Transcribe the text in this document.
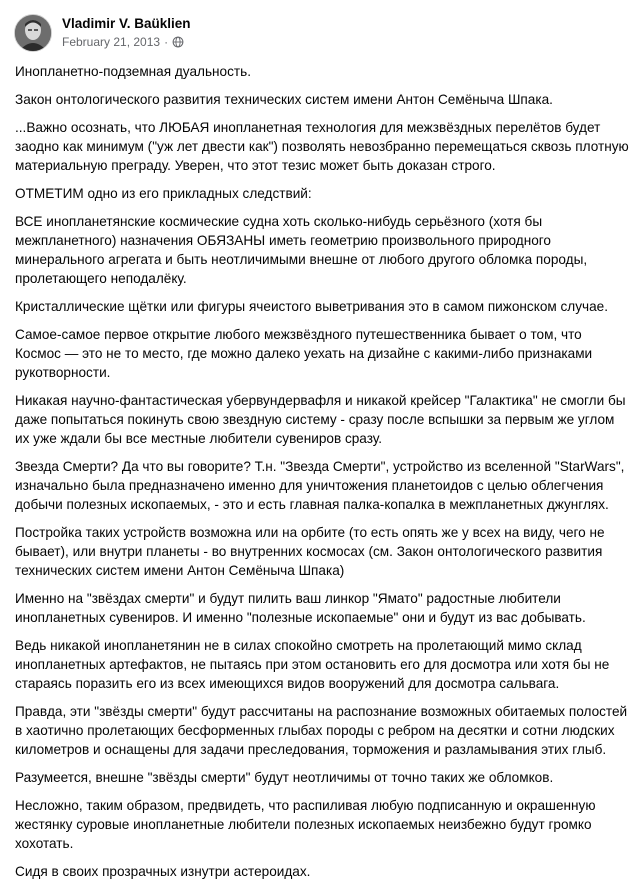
Vladimir V. Baüklien
February 21, 2013 ·

Инопланетно-подземная дуальность.

Закон онтологического развития технических систем имени Антон Семёныча Шпака.

...Важно осознать, что ЛЮБАЯ инопланетная технология для межзвёздных перелётов будет заодно как минимум ("уж лет двести как") позволять невозбранно перемещаться сквозь плотную материальную преграду. Уверен, что этот тезис может быть доказан строго.

ОТМЕТИМ одно из его прикладных следствий:

ВСЕ инопланетянские космические судна хоть сколько-нибудь серьёзного (хотя бы межпланетного) назначения ОБЯЗАНЫ иметь геометрию произвольного природного минерального агрегата и быть неотличимыми внешне от любого другого обломка породы, пролетающего неподалёку.

Кристаллические щётки или фигуры ячеистого выветривания это в самом пижонском случае.

Самое-самое первое открытие любого межзвёздного путешественника бывает о том, что Космос — это не то место, где можно далеко уехать на дизайне с какими-либо признаками рукотворности.

Никакая научно-фантастическая убервундервафля и никакой крейсер "Галактика" не смогли бы даже попытаться покинуть свою звездную систему - сразу после вспышки за первым же углом их уже ждали бы все местные любители сувениров сразу.

Звезда Смерти? Да что вы говорите? Т.н. "Звезда Смерти", устройство из вселенной "StarWars", изначально была предназначено именно для уничтожения планетоидов с целью облегчения добычи полезных ископаемых, - это и есть главная палка-копалка в межпланетных джунглях.

Постройка таких устройств возможна или на орбите (то есть опять же у всех на виду, чего не бывает), или внутри планеты - во внутренних космосах (см. Закон онтологического развития технических систем имени Антон Семёныча Шпака)

Именно на "звёздах смерти" и будут пилить ваш линкор "Ямато" радостные любители инопланетных сувениров. И именно "полезные ископаемые" они и будут из вас добывать.

Ведь никакой инопланетянин не в силах спокойно смотреть на пролетающий мимо склад инопланетных артефактов, не пытаясь при этом остановить его для досмотра или хотя бы не стараясь поразить его из всех имеющихся видов вооружений для досмотра сальвага.

Правда, эти "звёзды смерти" будут рассчитаны на распознание возможных обитаемых полостей в хаотично пролетающих бесформенных глыбах породы с ребром на десятки и сотни людских километров и оснащены для задачи преследования, торможения и разламывания этих глыб.

Разумеется, внешне "звёзды смерти" будут неотличимы от точно таких же обломков.

Несложно, таким образом, предвидеть, что распиливая любую подписанную и окрашенную жестянку суровые инопланетные любители полезных ископаемых неизбежно будут громко хохотать.

Сидя в своих прозрачных изнутри астероидах.
